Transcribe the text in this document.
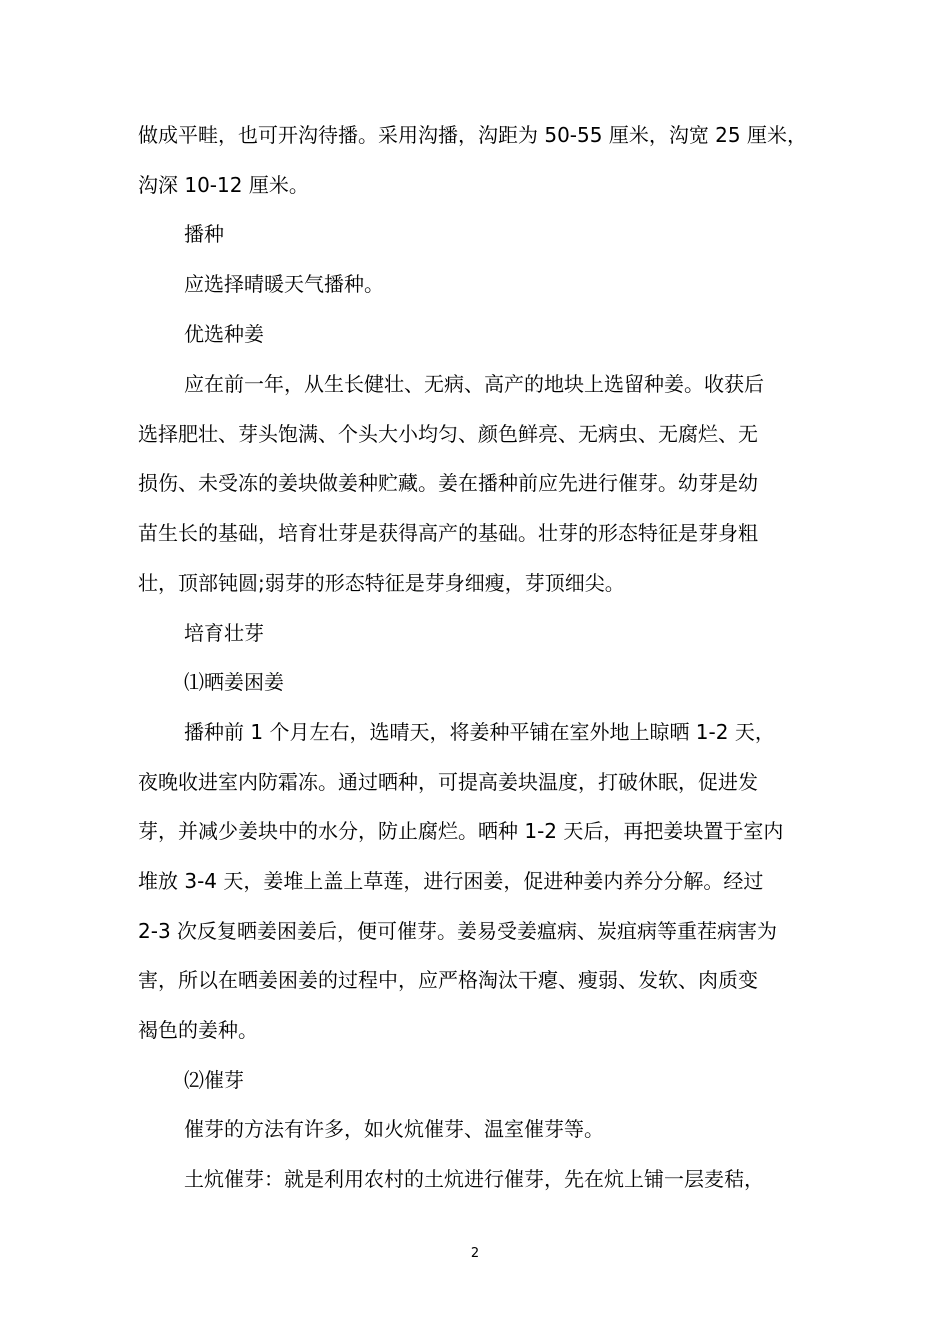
做成平畦，也可开沟待播。采用沟播，沟距为 50-55 厘米，沟宽 25 厘米，
沟深 10-12 厘米。
播种
应选择晴暖天气播种。
优选种姜
应在前一年，从生长健壮、无病、高产的地块上选留种姜。收获后
选择肥壮、芽头饱满、个头大小均匀、颜色鲜亮、无病虫、无腐烂、无
损伤、未受冻的姜块做姜种贮藏。姜在播种前应先进行催芽。幼芽是幼
苗生长的基础，培育壮芽是获得高产的基础。壮芽的形态特征是芽身粗
壮，顶部钝圆;弱芽的形态特征是芽身细瘦，芽顶细尖。
培育壮芽
⑴晒姜困姜
播种前 1 个月左右，选晴天，将姜种平铺在室外地上晾晒 1-2 天，
夜晚收进室内防霜冻。通过晒种，可提高姜块温度，打破休眠，促进发
芽，并减少姜块中的水分，防止腐烂。晒种 1-2 天后，再把姜块置于室内
堆放 3-4 天，姜堆上盖上草莲，进行困姜，促进种姜内养分分解。经过
2-3 次反复晒姜困姜后，便可催芽。姜易受姜瘟病、炭疽病等重茬病害为
害，所以在晒姜困姜的过程中，应严格淘汰干瘪、瘦弱、发软、肉质变
褐色的姜种。
⑵催芽
催芽的方法有许多，如火炕催芽、温室催芽等。
土炕催芽：就是利用农村的土炕进行催芽，先在炕上铺一层麦秸，
2
